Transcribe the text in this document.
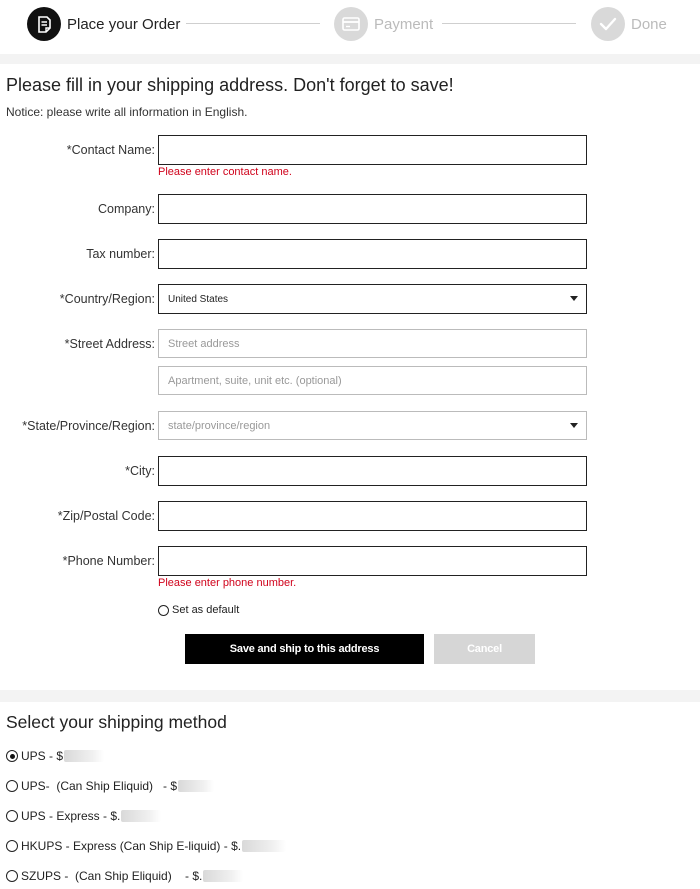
Place your Order	Payment	Done
Please fill in your shipping address. Don't forget to save!
Notice: please write all information in English.
*Contact Name:
Please enter contact name.
Company:
Tax number:
*Country/Region: United States
*Street Address:
Street address
Apartment, suite, unit etc. (optional)
*State/Province/Region: state/province/region
*City:
*Zip/Postal Code:
*Phone Number:
Please enter phone number.
Set as default
Save and ship to this address	Cancel
Select your shipping method
UPS - $
UPS-  (Can Ship Eliquid)   - $
UPS - Express - $.
HKUPS - Express (Can Ship E-liquid) - $.
SZUPS -  (Can Ship Eliquid)    - $.
